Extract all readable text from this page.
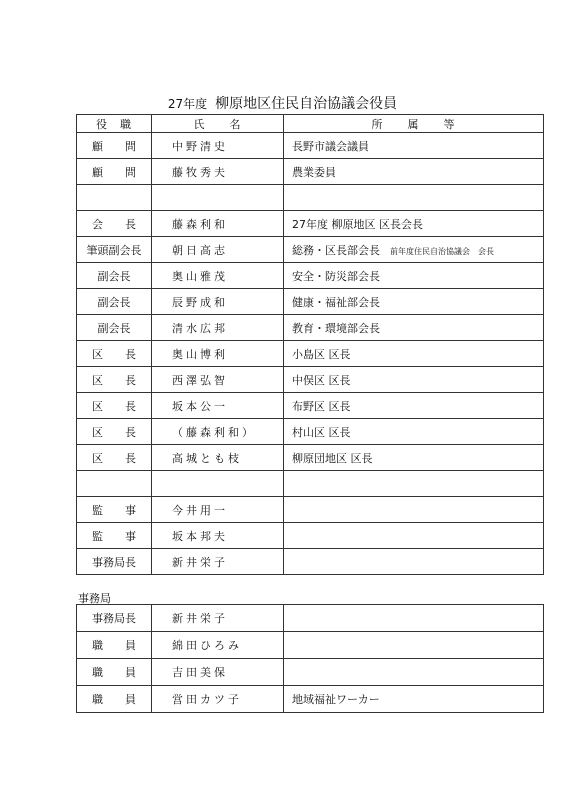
27年度 柳原地区住民自治協議会役員
役　職	氏　　名	所　　属　　等
顧　　問	中野清史	長野市議会議員
顧　　問	藤牧秀夫	農業委員

会　　長	藤森利和	27年度 柳原地区 区長会長
筆頭副会長	朝日高志	総務・区長部会長 前年度住民自治協議会　会長
副会長	奥山雅茂	安全・防災部会長
副会長	辰野成和	健康・福祉部会長
副会長	清水広邦	教育・環境部会長
区　　長	奥山博利	小島区 区長
区　　長	西澤弘智	中俣区 区長
区　　長	坂本公一	布野区 区長
区　　長	（藤森利和）	村山区 区長
区　　長	高城とも枝	柳原団地区 区長

監　　事	今井用一	
監　　事	坂本邦夫	
事務局長	新井栄子	
事務局
事務局長	新井栄子	
職　　員	綿田ひろみ	
職　　員	吉田美保	
職　　員	営田カツ子	地域福祉ワーカー
